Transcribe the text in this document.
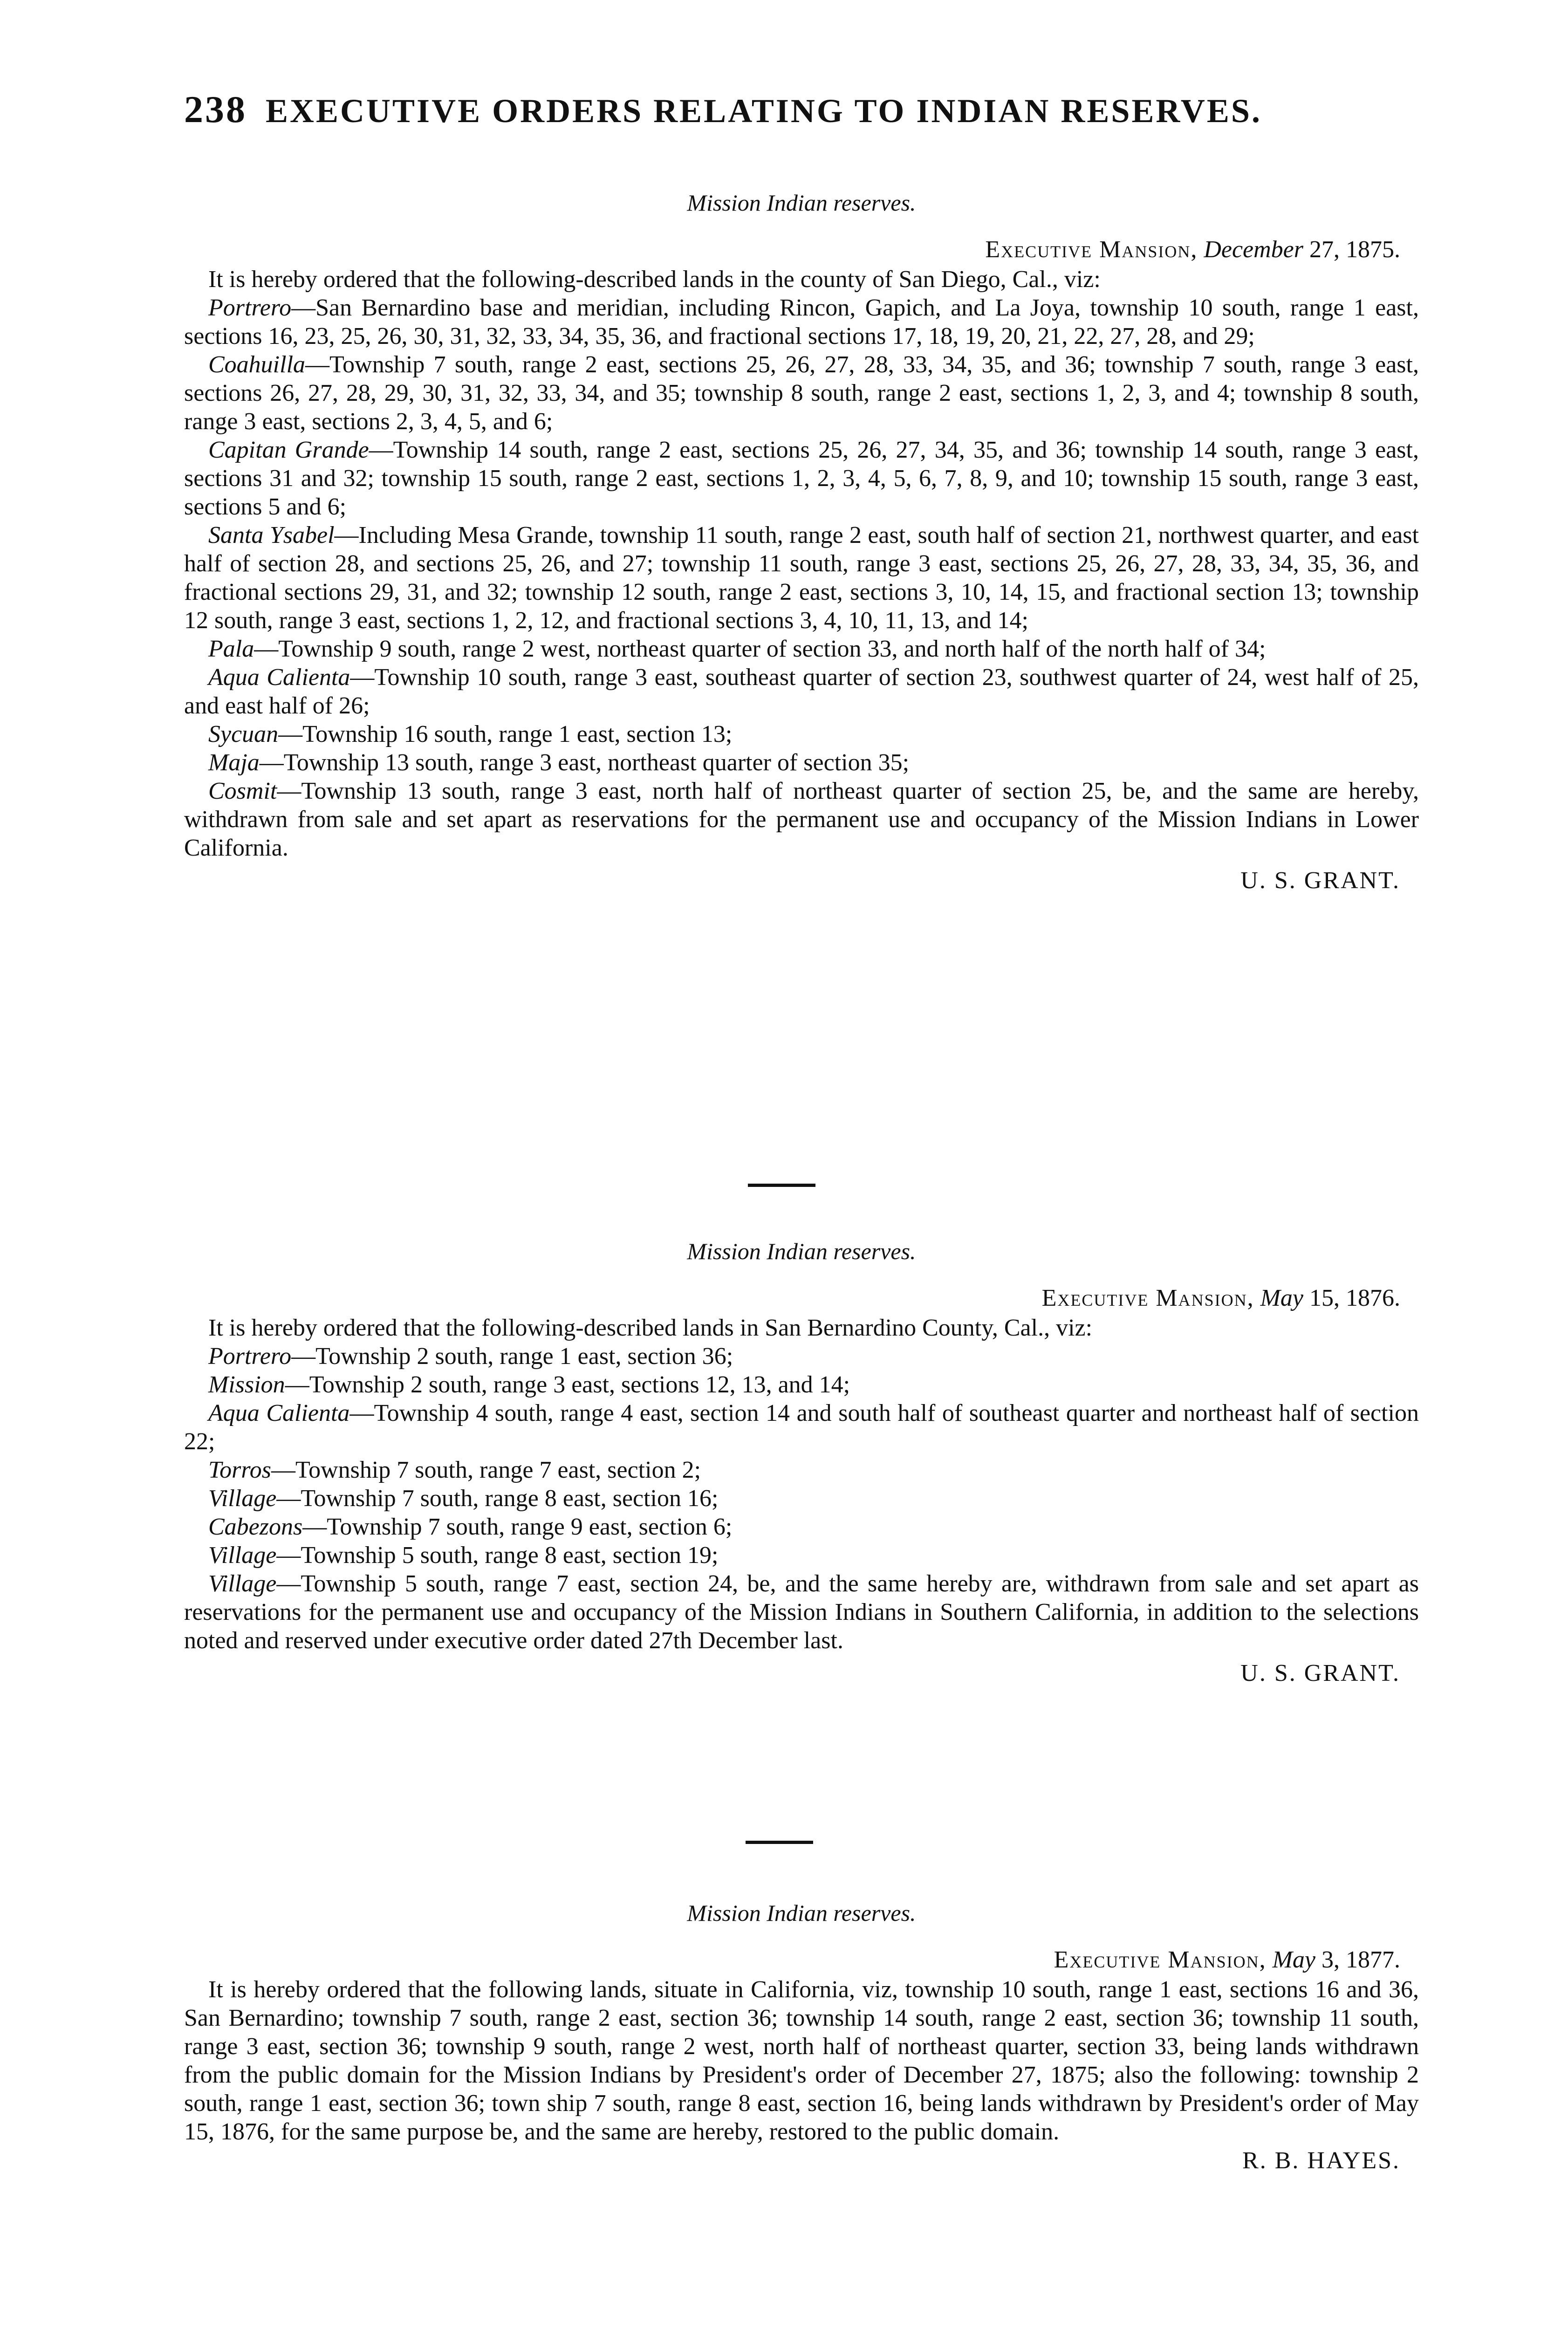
238 EXECUTIVE ORDERS RELATING TO INDIAN RESERVES.
Mission Indian reserves.
Executive Mansion, December 27, 1875.

It is hereby ordered that the following-described lands in the county of San Diego, Cal., viz:

Portrero—San Bernardino base and meridian, including Rincon, Gapich, and La Joya, township 10 south, range 1 east, sections 16, 23, 25, 26, 30, 31, 32, 33, 34, 35, 36, and fractional sections 17, 18, 19, 20, 21, 22, 27, 28, and 29;

Coahuilla—Township 7 south, range 2 east, sections 25, 26, 27, 28, 33, 34, 35, and 36; township 7 south, range 3 east, sections 26, 27, 28, 29, 30, 31, 32, 33, 34, and 35; township 8 south, range 2 east, sections 1, 2, 3, and 4; township 8 south, range 3 east, sections 2, 3, 4, 5, and 6;

Capitan Grande—Township 14 south, range 2 east, sections 25, 26, 27, 34, 35, and 36; township 14 south, range 3 east, sections 31 and 32; township 15 south, range 2 east, sections 1, 2, 3, 4, 5, 6, 7, 8, 9, and 10; township 15 south, range 3 east, sections 5 and 6;

Santa Ysabel—Including Mesa Grande, township 11 south, range 2 east, south half of section 21, northwest quarter, and east half of section 28, and sections 25, 26, and 27; township 11 south, range 3 east, sections 25, 26, 27, 28, 33, 34, 35, 36, and fractional sections 29, 31, and 32; township 12 south, range 2 east, sections 3, 10, 14, 15, and fractional section 13; township 12 south, range 3 east, sections 1, 2, 12, and fractional sections 3, 4, 10, 11, 13, and 14;

Pala—Township 9 south, range 2 west, northeast quarter of section 33, and north half of the north half of 34;

Aqua Calienta—Township 10 south, range 3 east, southeast quarter of section 23, southwest quarter of 24, west half of 25, and east half of 26;

Sycuan—Township 16 south, range 1 east, section 13;

Maja—Township 13 south, range 3 east, northeast quarter of section 35;

Cosmit—Township 13 south, range 3 east, north half of northeast quarter of section 25, be, and the same are hereby, withdrawn from sale and set apart as reservations for the permanent use and occupancy of the Mission Indians in Lower California.

U. S. GRANT.
Mission Indian reserves.
Executive Mansion, May 15, 1876.

It is hereby ordered that the following-described lands in San Bernardino County, Cal., viz:

Portrero—Township 2 south, range 1 east, section 36;

Mission—Township 2 south, range 3 east, sections 12, 13, and 14;

Aqua Calienta—Township 4 south, range 4 east, section 14 and south half of southeast quarter and northeast half of section 22;

Torros—Township 7 south, range 7 east, section 2;

Village—Township 7 south, range 8 east, section 16;

Cabezons—Township 7 south, range 9 east, section 6;

Village—Township 5 south, range 8 east, section 19;

Village—Township 5 south, range 7 east, section 24, be, and the same hereby are, withdrawn from sale and set apart as reservations for the permanent use and occupancy of the Mission Indians in Southern California, in addition to the selections noted and reserved under executive order dated 27th December last.

U. S. GRANT.
Mission Indian reserves.
Executive Mansion, May 3, 1877.

It is hereby ordered that the following lands, situate in California, viz, township 10 south, range 1 east, sections 16 and 36, San Bernardino; township 7 south, range 2 east, section 36; township 14 south, range 2 east, section 36; township 11 south, range 3 east, section 36; township 9 south, range 2 west, north half of northeast quarter, section 33, being lands withdrawn from the public domain for the Mission Indians by President's order of December 27, 1875; also the following: township 2 south, range 1 east, section 36; town ship 7 south, range 8 east, section 16, being lands withdrawn by President's order of May 15, 1876, for the same purpose be, and the same are hereby, restored to the public domain.

R. B. HAYES.
